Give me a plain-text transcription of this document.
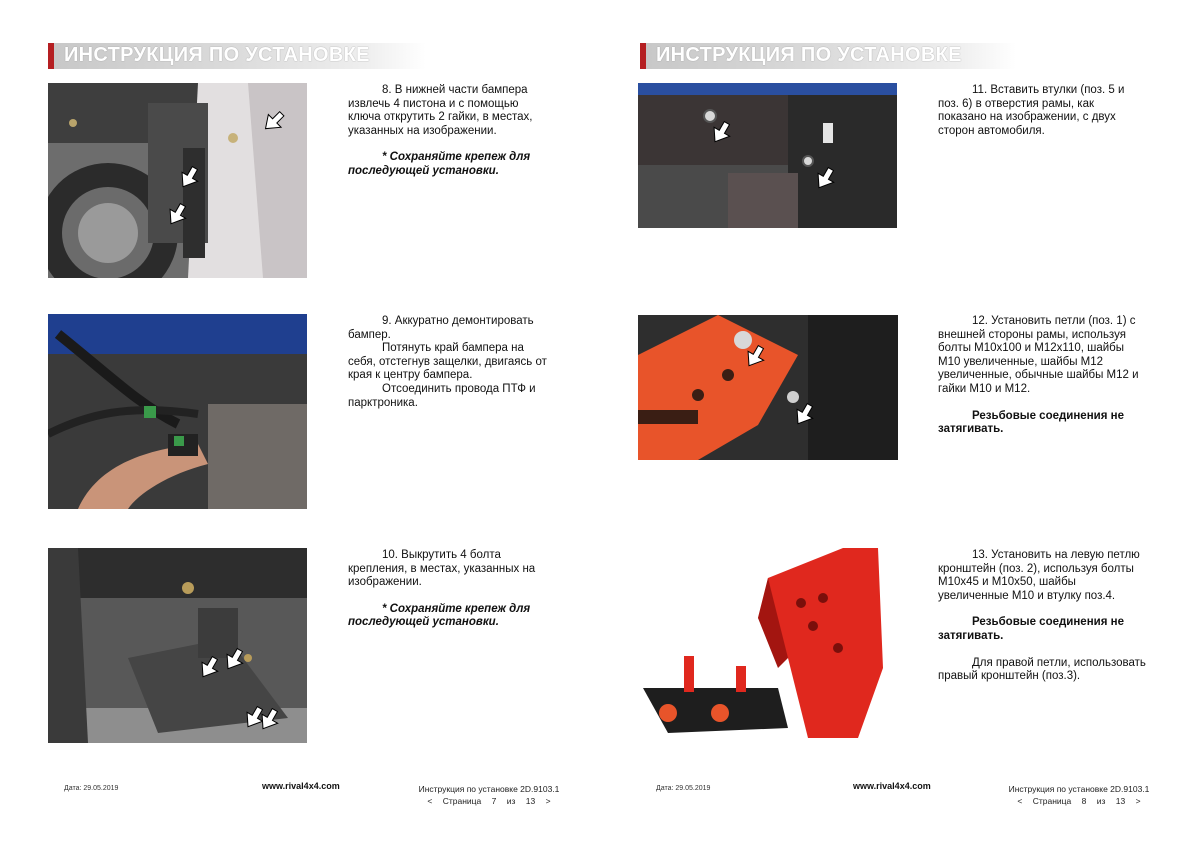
ИНСТРУКЦИЯ ПО УСТАНОВКЕ

8. В нижней части бампера извлечь 4 пистона и с помощью ключа открутить 2 гайки, в местах, указанных на изображении.

* Сохраняйте крепеж для последующей установки.

9. Аккуратно демонтировать бампер.

Потянуть край бампера на себя, отстегнув защелки, двигаясь от края к центру бампера.

Отсоединить провода ПТФ и парктроника.

10. Выкрутить 4 болта крепления, в местах, указанных на изображении.

* Сохраняйте крепеж для последующей установки.

Дата: 29.05.2019	www.rival4x4.com	Инструкция по установке 2D.9103.1
< Страница 7 из 13 >
ИНСТРУКЦИЯ ПО УСТАНОВКЕ

11. Вставить втулки (поз. 5 и поз. 6) в отверстия рамы, как показано на изображении, с двух сторон автомобиля.

12. Установить петли (поз. 1) с внешней стороны рамы, используя болты М10х100 и М12х110, шайбы М10 увеличенные, шайбы М12 увеличенные, обычные шайбы М12 и гайки М10 и М12.

Резьбовые соединения не затягивать.

13. Установить на левую петлю кронштейн (поз. 2), используя болты М10х45 и М10х50, шайбы увеличенные М10 и втулку поз.4.

Резьбовые соединения не затягивать.

Для правой петли, использовать правый кронштейн (поз.3).

Дата: 29.05.2019	www.rival4x4.com	Инструкция по установке 2D.9103.1
< Страница 8 из 13 >
